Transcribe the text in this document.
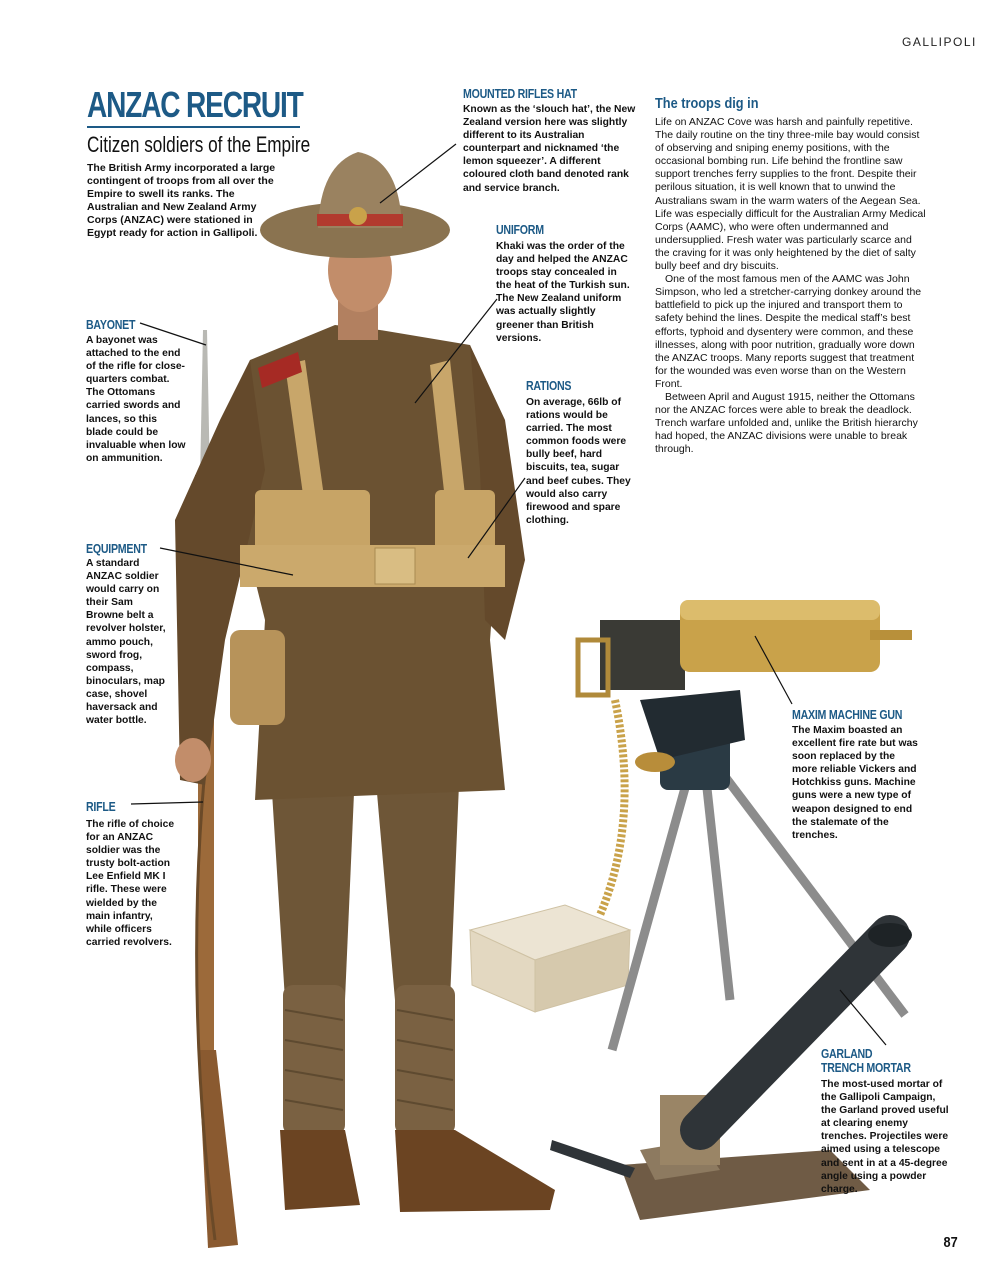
GALLIPOLI
ANZAC RECRUIT
Citizen soldiers of the Empire
The British Army incorporated a large contingent of troops from all over the Empire to swell its ranks. The Australian and New Zealand Army Corps (ANZAC) were stationed in Egypt ready for action in Gallipoli.
MOUNTED RIFLES HAT
Known as the ‘slouch hat’, the New Zealand version here was slightly different to its Australian counterpart and nicknamed ‘the lemon squeezer’. A different coloured cloth band denoted rank and service branch.
UNIFORM
Khaki was the order of the day and helped the ANZAC troops stay concealed in the heat of the Turkish sun. The New Zealand uniform was actually slightly greener than British versions.
RATIONS
On average, 66lb of rations would be carried. The most common foods were bully beef, hard biscuits, tea, sugar and beef cubes. They would also carry firewood and spare clothing.
BAYONET
A bayonet was attached to the end of the rifle for close-quarters combat. The Ottomans carried swords and lances, so this blade could be invaluable when low on ammunition.
EQUIPMENT
A standard ANZAC soldier would carry on their Sam Browne belt a revolver holster, ammo pouch, sword frog, compass, binoculars, map case, shovel haversack and water bottle.
RIFLE
The rifle of choice for an ANZAC soldier was the trusty bolt-action Lee Enfield MK I rifle. These were wielded by the main infantry, while officers carried revolvers.
MAXIM MACHINE GUN
The Maxim boasted an excellent fire rate but was soon replaced by the more reliable Vickers and Hotchkiss guns. Machine guns were a new type of weapon designed to end the stalemate of the trenches.
GARLAND
TRENCH MORTAR
The most-used mortar of the Gallipoli Campaign, the Garland proved useful at clearing enemy trenches. Projectiles were aimed using a telescope and sent in at a 45-degree angle using a powder charge.
The troops dig in

Life on ANZAC Cove was harsh and painfully repetitive. The daily routine on the tiny three-mile bay would consist of observing and sniping enemy positions, with the occasional bombing run. Life behind the frontline saw support trenches ferry supplies to the front. Despite their perilous situation, it is well known that to unwind the Australians swam in the warm waters of the Aegean Sea. Life was especially difficult for the Australian Army Medical Corps (AAMC), who were often undermanned and undersupplied. Fresh water was particularly scarce and the craving for it was only heightened by the diet of salty bully beef and dry biscuits.

One of the most famous men of the AAMC was John Simpson, who led a stretcher-carrying donkey around the battlefield to pick up the injured and transport them to safety behind the lines. Despite the medical staff’s best efforts, typhoid and dysentery were common, and these illnesses, along with poor nutrition, gradually wore down the ANZAC troops. Many reports suggest that treatment for the wounded was even worse than on the Western Front.

Between April and August 1915, neither the Ottomans nor the ANZAC forces were able to break the deadlock. Trench warfare unfolded and, unlike the British hierarchy had hoped, the ANZAC divisions were unable to break through.

87
